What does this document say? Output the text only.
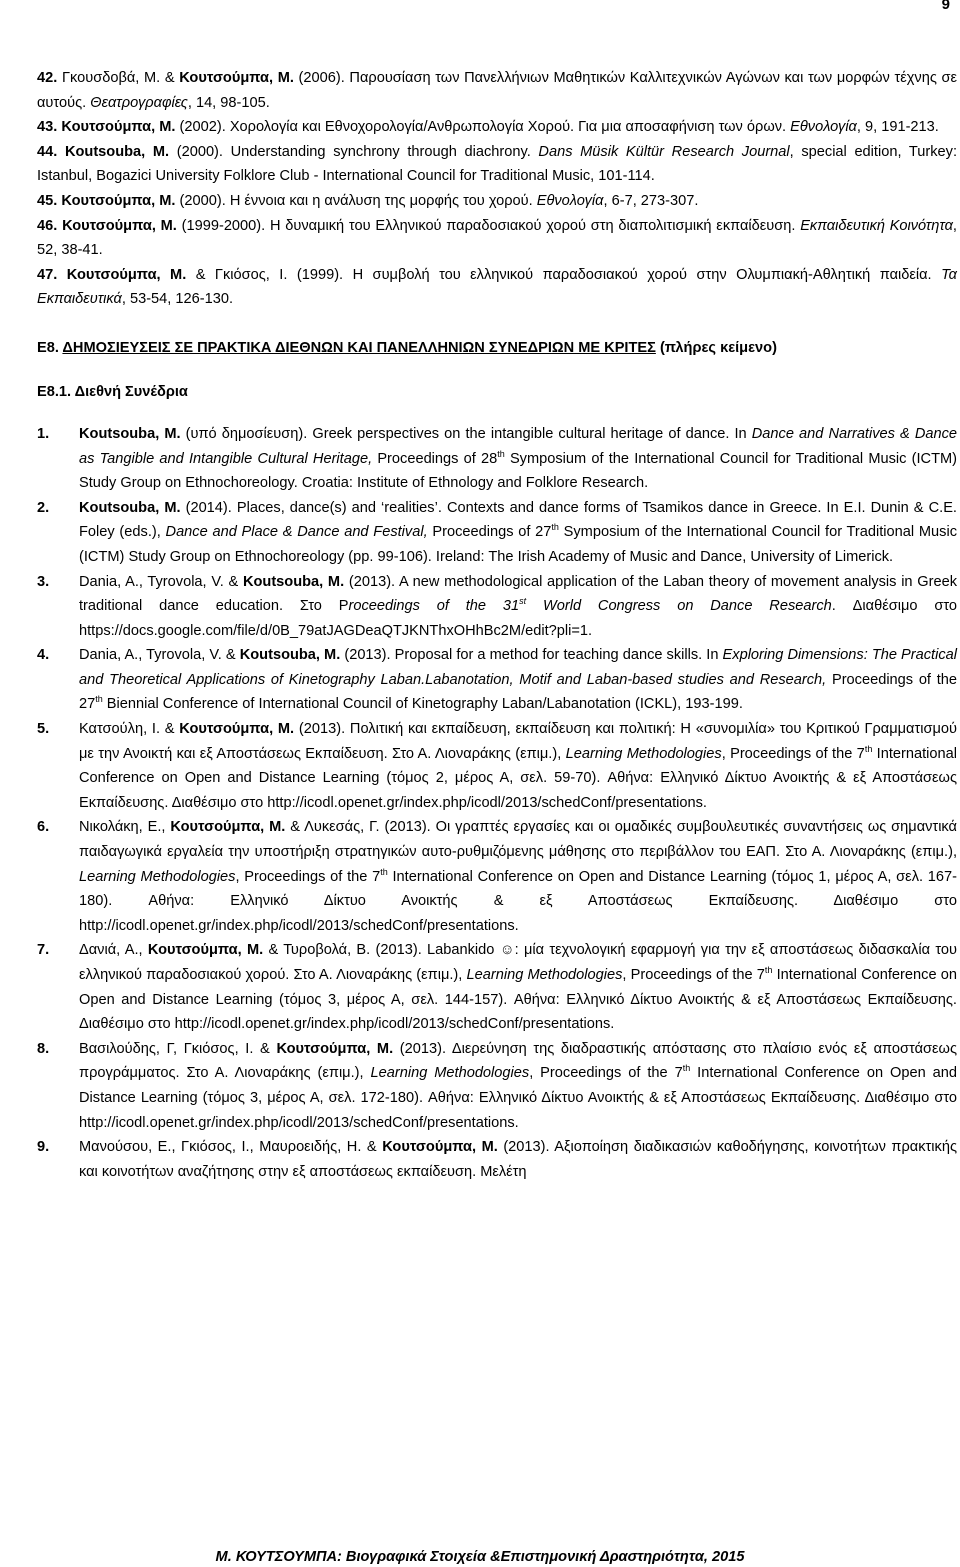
9
42. Γκουσδοβά, Μ. & Κουτσούμπα, Μ. (2006). Παρουσίαση των Πανελλήνιων Μαθητικών Καλλιτεχνικών Αγώνων και των μορφών τέχνης σε αυτούς. Θεατρογραφίες, 14, 98-105.
43. Κουτσούμπα, Μ. (2002). Χορολογία και Εθνοχορολογία/Ανθρωπολογία Χορού. Για μια αποσαφήνιση των όρων. Εθνολογία, 9, 191-213.
44. Koutsouba, M. (2000). Understanding synchrony through diachrony. Dans Müsik Kültür Research Journal, special edition, Turkey: Istanbul, Bogazici University Folklore Club - International Council for Traditional Music, 101-114.
45. Κουτσούμπα, Μ. (2000). Η έννοια και η ανάλυση της μορφής του χορού. Εθνολογία, 6-7, 273-307.
46. Κουτσούμπα, Μ. (1999-2000). Η δυναμική του Ελληνικού παραδοσιακού χορού στη διαπολιτισμική εκπαίδευση. Εκπαιδευτική Κοινότητα, 52, 38-41.
47. Κουτσούμπα, Μ. & Γκιόσος, Ι. (1999). Η συμβολή του ελληνικού παραδοσιακού χορού στην Ολυμπιακή-Αθλητική παιδεία. Τα Εκπαιδευτικά, 53-54, 126-130.
Ε8. ΔΗΜΟΣΙΕΥΣΕΙΣ ΣΕ ΠΡΑΚΤΙΚΑ ΔΙΕΘΝΩΝ ΚΑΙ ΠΑΝΕΛΛΗΝΙΩΝ ΣΥΝΕΔΡΙΩΝ ΜΕ ΚΡΙΤΕΣ (πλήρες κείμενο)
Ε8.1. Διεθνή Συνέδρια
1. Koutsouba, M. (υπό δημοσίευση). Greek perspectives on the intangible cultural heritage of dance. In Dance and Narratives & Dance as Tangible and Intangible Cultural Heritage, Proceedings of 28th Symposium of the International Council for Traditional Music (ICTM) Study Group on Ethnochoreology. Croatia: Institute of Ethnology and Folklore Research.
2. Koutsouba, M. (2014). Places, dance(s) and ‘realities’. Contexts and dance forms of Tsamikos dance in Greece. In E.I. Dunin & C.E. Foley (eds.), Dance and Place & Dance and Festival, Proceedings of 27th Symposium of the International Council for Traditional Music (ICTM) Study Group on Ethnochoreology (pp. 99-106). Ireland: The Irish Academy of Music and Dance, University of Limerick.
3. Dania, A., Tyrovola, V. & Koutsouba, M. (2013). A new methodological application of the Laban theory of movement analysis in Greek traditional dance education. Στο Proceedings of the 31st World Congress on Dance Research. Διαθέσιμο στο https://docs.google.com/file/d/0B_79atJAGDeaQTJKNThxOHhBc2M/edit?pli=1.
4. Dania, A., Tyrovola, V. & Koutsouba, M. (2013). Proposal for a method for teaching dance skills. In Exploring Dimensions: The Practical and Theoretical Applications of Kinetography Laban.Labanotation, Motif and Laban-based studies and Research, Proceedings of the 27th Biennial Conference of International Council of Kinetography Laban/Labanotation (ICKL), 193-199.
5. Κατσούλη, Ι. & Κουτσούμπα, Μ. (2013). Πολιτική και εκπαίδευση, εκπαίδευση και πολιτική: Η «συνομιλία» του Κριτικού Γραμματισμού με την Ανοικτή και εξ Αποστάσεως Εκπαίδευση. Στο Α. Λιοναράκης (επιμ.), Learning Methodologies, Proceedings of the 7th International Conference on Open and Distance Learning (τόμος 2, μέρος Α, σελ. 59-70). Αθήνα: Ελληνικό Δίκτυο Ανοικτής & εξ Αποστάσεως Εκπαίδευσης. Διαθέσιμο στο http://icodl.openet.gr/index.php/icodl/2013/schedConf/presentations.
6. Νικολάκη, Ε., Κουτσούμπα, Μ. & Λυκεσάς, Γ. (2013). Οι γραπτές εργασίες και οι ομαδικές συμβουλευτικές συναντήσεις ως σημαντικά παιδαγωγικά εργαλεία την υποστήριξη στρατηγικών αυτο-ρυθμιζόμενης μάθησης στο περιβάλλον του ΕΑΠ. Στο Α. Λιοναράκης (επιμ.), Learning Methodologies, Proceedings of the 7th International Conference on Open and Distance Learning (τόμος 1, μέρος Α, σελ. 167-180). Αθήνα: Ελληνικό Δίκτυο Ανοικτής & εξ Αποστάσεως Εκπαίδευσης. Διαθέσιμο στο http://icodl.openet.gr/index.php/icodl/2013/schedConf/presentations.
7. Δανιά, Α., Κουτσούμπα, Μ. & Τυροβολά, Β. (2013). Labankido ☺: μία τεχνολογική εφαρμογή για την εξ αποστάσεως διδασκαλία του ελληνικού παραδοσιακού χορού. Στο Α. Λιοναράκης (επιμ.), Learning Methodologies, Proceedings of the 7th International Conference on Open and Distance Learning (τόμος 3, μέρος Α, σελ. 144-157). Αθήνα: Ελληνικό Δίκτυο Ανοικτής & εξ Αποστάσεως Εκπαίδευσης. Διαθέσιμο στο http://icodl.openet.gr/index.php/icodl/2013/schedConf/presentations.
8. Βασιλούδης, Γ, Γκιόσος, Ι. & Κουτσούμπα, Μ. (2013). Διερεύνηση της διαδραστικής απόστασης στο πλαίσιο ενός εξ αποστάσεως προγράμματος. Στο Α. Λιοναράκης (επιμ.), Learning Methodologies, Proceedings of the 7th International Conference on Open and Distance Learning (τόμος 3, μέρος Α, σελ. 172-180). Αθήνα: Ελληνικό Δίκτυο Ανοικτής & εξ Αποστάσεως Εκπαίδευσης. Διαθέσιμο στο http://icodl.openet.gr/index.php/icodl/2013/schedConf/presentations.
9. Μανούσου, Ε., Γκιόσος, Ι., Μαυροειδής, Η. & Κουτσούμπα, Μ. (2013). Αξιοποίηση διαδικασιών καθοδήγησης, κοινοτήτων πρακτικής και κοινοτήτων αναζήτησης στην εξ αποστάσεως εκπαίδευση. Μελέτη
Μ. ΚΟΥΤΣΟΥΜΠΑ: Βιογραφικά Στοιχεία &Επιστημονική Δραστηριότητα, 2015
